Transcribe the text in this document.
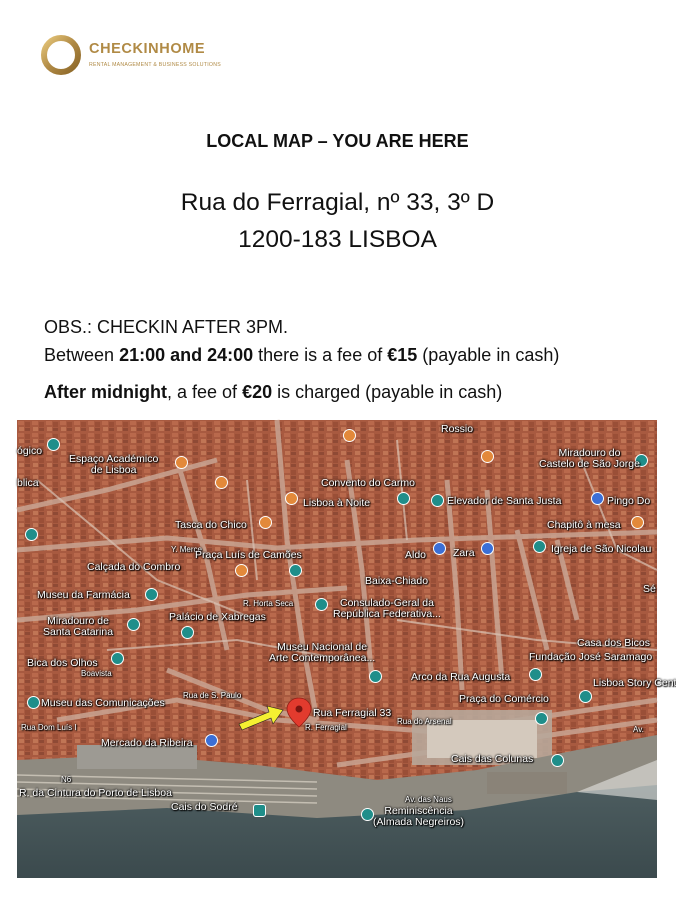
CHECKINHOME
RENTAL MANAGEMENT & BUSINESS SOLUTIONS
LOCAL MAP – YOU ARE HERE
Rua do Ferragial, nº 33, 3º D
1200-183 LISBOA
OBS.: CHECKIN AFTER 3PM.
Between 21:00 and 24:00 there is a fee of €15 (payable in cash)
After midnight, a fee of €20 is charged (payable in cash)
Rossio
ógico
blica
Espaço Académico
de Lisboa
Miradouro do
Castelo de São Jorge
Convento do Carmo
Lisboa à Noite	Elevador de Santa Justa	Pingo Do
Chapitô à mesa
Igreja de São Nicolau
Sé
Tasca do Chico
Y. Merce
Praça Luís de Camões	Aldo	Zara
Calçada do Combro
Baixa-Chiado
Museu da Farmácia
R. Horta Seca
Palácio de Xabregas
Consulado-Geral da
República Federativa...
Miradouro de
Santa Catarina
Museu Nacional de
Arte Contemporânea...
Casa dos Bicos
Fundação José Saramago
Bica dos Olhos
Boavista	Arco da Rua Augusta	Lisboa Story Cent
Museu das Comunicações	Praça do Comércio
Rua de S. Paulo
Rua Ferragial 33
R. Ferragial
Rua do Arsenal
Rua Dom Luís I
Mercado da Ribeira
Cais das Colunas
N6
R. da Cintura do Porto de Lisboa
Cais do Sodré
Av. das Naus
Reminiscência
(Almada Negreiros)
Av.
